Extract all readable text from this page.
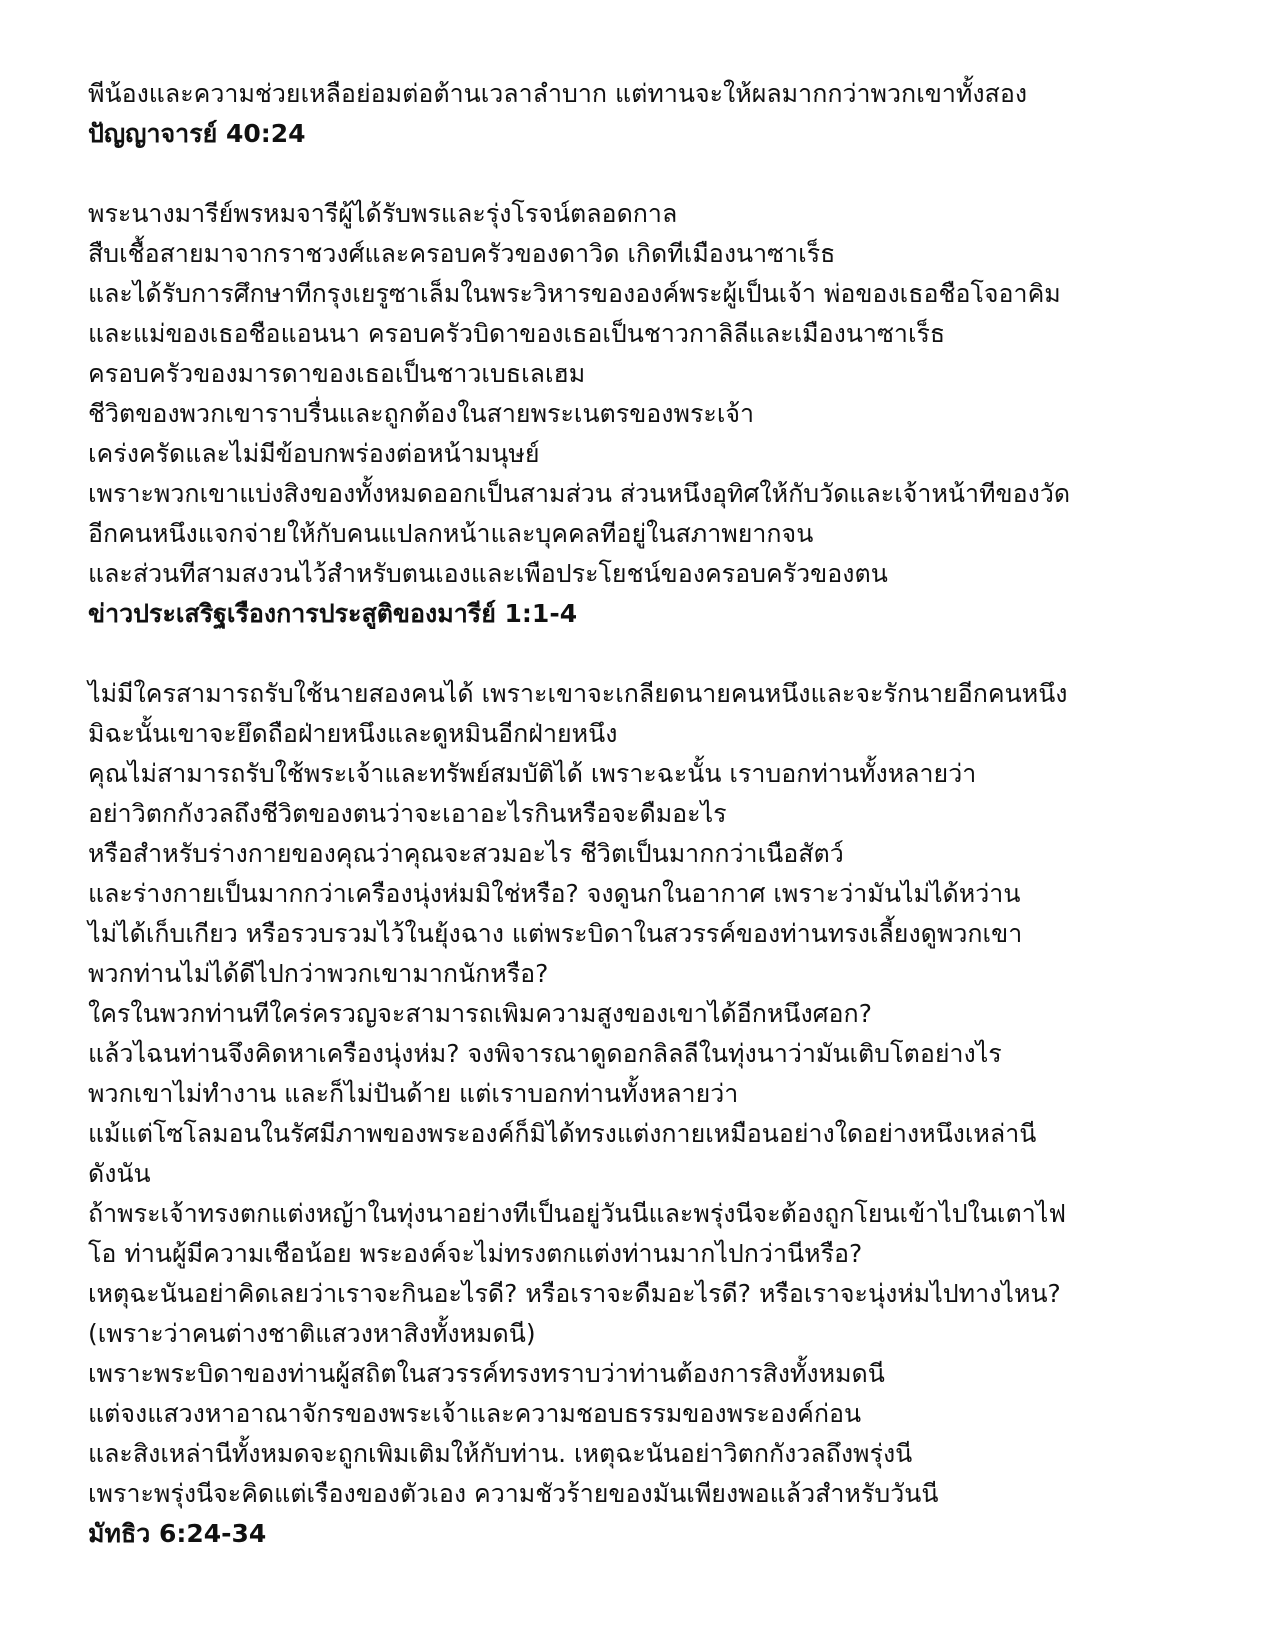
พีน้องและความช่วยเหลือย่อมต่อต้านเวลาลำบาก แต่ทานจะให้ผลมากกว่าพวกเขาทั้งสอง
ปัญญาจารย์ 40:24
พระนางมารีย์พรหมจารีผู้ได้รับพรและรุ่งโรจน์ตลอดกาล
สืบเชื้อสายมาจากราชวงศ์และครอบครัวของดาวิด เกิดทีเมืองนาซาเร็ธ
และได้รับการศึกษาทีกรุงเยรูซาเล็มในพระวิหารขององค์พระผู้เป็นเจ้า พ่อของเธอชือโจอาคิม
และแม่ของเธอชือแอนนา ครอบครัวบิดาของเธอเป็นชาวกาลิลีและเมืองนาซาเร็ธ
ครอบครัวของมารดาของเธอเป็นชาวเบธเลเฮม
ชีวิตของพวกเขาราบรื่นและถูกต้องในสายพระเนตรของพระเจ้า
เคร่งครัดและไม่มีข้อบกพร่องต่อหน้ามนุษย์
เพราะพวกเขาแบ่งสิงของทั้งหมดออกเป็นสามส่วน ส่วนหนึงอุทิศให้กับวัดและเจ้าหน้าทีของวัด
อีกคนหนึงแจกจ่ายให้กับคนแปลกหน้าและบุคคลทีอยู่ในสภาพยากจน
และส่วนทีสามสงวนไว้สำหรับตนเองและเพือประโยชน์ของครอบครัวของตน
ข่าวประเสริฐเรืองการประสูติของมารีย์ 1:1-4
ไม่มีใครสามารถรับใช้นายสองคนได้ เพราะเขาจะเกลียดนายคนหนึงและจะรักนายอีกคนหนึง
มิฉะนั้นเขาจะยึดถือฝ่ายหนึงและดูหมินอีกฝ่ายหนึง
คุณไม่สามารถรับใช้พระเจ้าและทรัพย์สมบัติได้ เพราะฉะนั้น เราบอกท่านทั้งหลายว่า
อย่าวิตกกังวลถึงชีวิตของตนว่าจะเอาอะไรกินหรือจะดืมอะไร
หรือสำหรับร่างกายของคุณว่าคุณจะสวมอะไร ชีวิตเป็นมากกว่าเนือสัตว์
และร่างกายเป็นมากกว่าเครืองนุ่งห่มมิใช่หรือ? จงดูนกในอากาศ เพราะว่ามันไม่ได้หว่าน
ไม่ได้เก็บเกียว หรือรวบรวมไว้ในยุ้งฉาง แต่พระบิดาในสวรรค์ของท่านทรงเลี้ยงดูพวกเขา
พวกท่านไม่ได้ดีไปกว่าพวกเขามากนักหรือ?
ใครในพวกท่านทีใคร่ครวญจะสามารถเพิมความสูงของเขาได้อีกหนึงศอก?
แล้วไฉนท่านจึงคิดหาเครืองนุ่งห่ม? จงพิจารณาดูดอกลิลลีในทุ่งนาว่ามันเติบโตอย่างไร
พวกเขาไม่ทำงาน และก็ไม่ปันด้าย แต่เราบอกท่านทั้งหลายว่า
แม้แต่โซโลมอนในรัศมีภาพของพระองค์ก็มิได้ทรงแต่งกายเหมือนอย่างใดอย่างหนึงเหล่านี
ดังนัน
ถ้าพระเจ้าทรงตกแต่งหญ้าในทุ่งนาอย่างทีเป็นอยู่วันนีและพรุ่งนีจะต้องถูกโยนเข้าไปในเตาไฟ
โอ ท่านผู้มีความเชือน้อย พระองค์จะไม่ทรงตกแต่งท่านมากไปกว่านีหรือ?
เหตุฉะนันอย่าคิดเลยว่าเราจะกินอะไรดี? หรือเราจะดืมอะไรดี? หรือเราจะนุ่งห่มไปทางไหน?
(เพราะว่าคนต่างชาติแสวงหาสิงทั้งหมดนี)
เพราะพระบิดาของท่านผู้สถิตในสวรรค์ทรงทราบว่าท่านต้องการสิงทั้งหมดนี
แต่จงแสวงหาอาณาจักรของพระเจ้าและความชอบธรรมของพระองค์ก่อน
และสิงเหล่านีทั้งหมดจะถูกเพิมเติมให้กับท่าน. เหตุฉะนันอย่าวิตกกังวลถึงพรุ่งนี
เพราะพรุ่งนีจะคิดแต่เรืองของตัวเอง ความชัวร้ายของมันเพียงพอแล้วสำหรับวันนี
มัทธิว 6:24-34
